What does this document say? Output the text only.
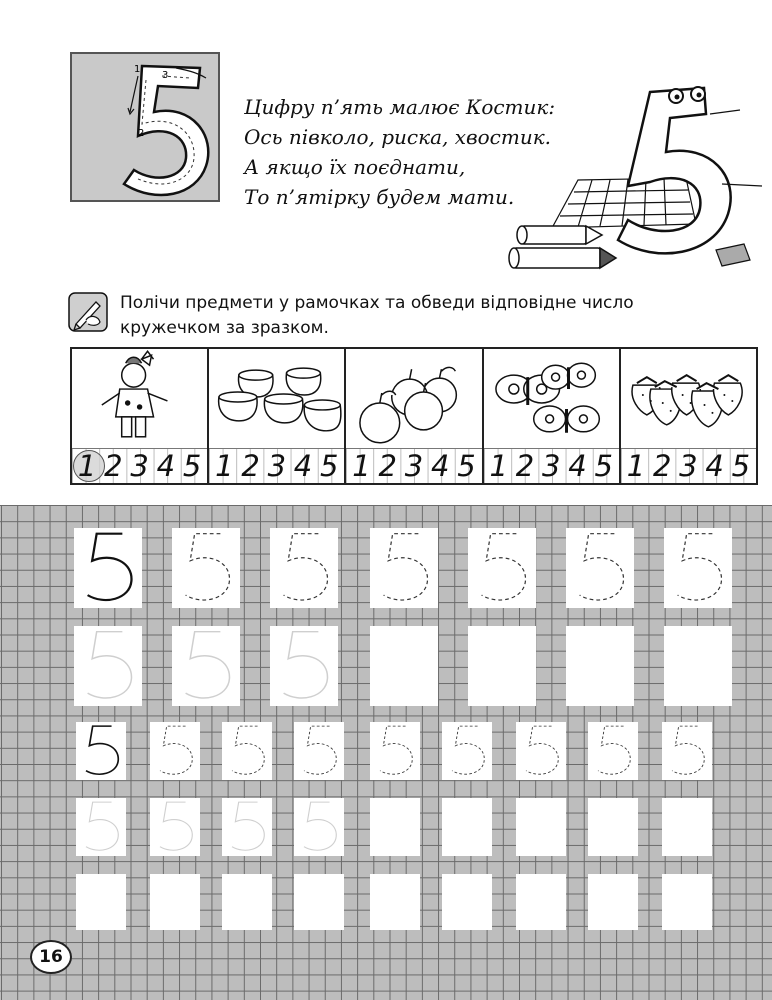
1
2
3
Цифру п’ять малює Костик:
Ось півколо, риска, хвостик.
А якщо їх поєднати,
То п’ятірку будем мати.
Полічи предмети у рамочках та обведи відповідне число
кружечком за зразком.
1 2 3 4 5 1 2 3 4 5 1 2 3 4 5 1 2 3 4 5 1 2 3 4 5
16
